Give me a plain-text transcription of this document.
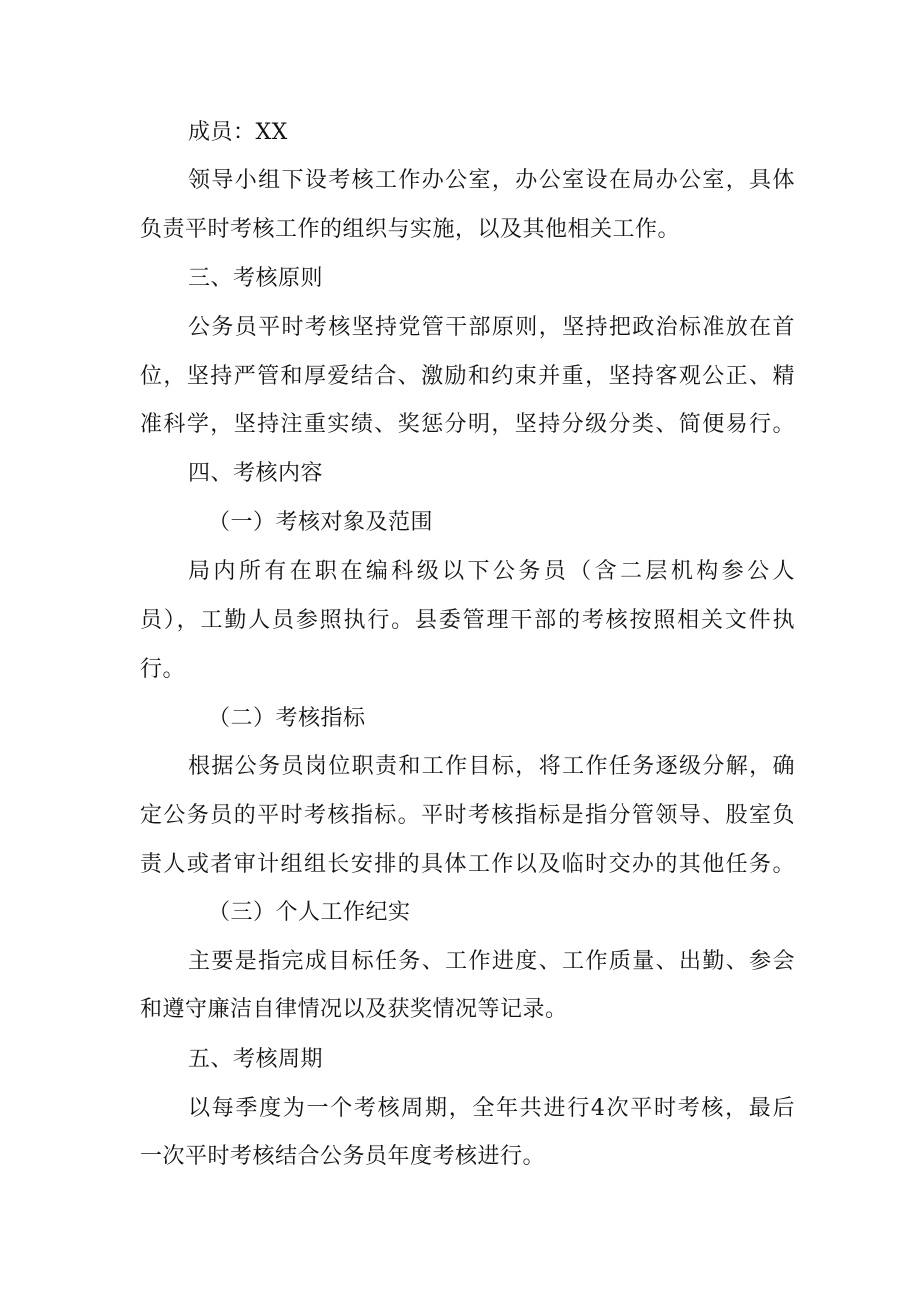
成员：XX
领导小组下设考核工作办公室，办公室设在局办公室，具体
负责平时考核工作的组织与实施，以及其他相关工作。
三、考核原则
公务员平时考核坚持党管干部原则，坚持把政治标准放在首
位，坚持严管和厚爱结合、激励和约束并重，坚持客观公正、精
准科学，坚持注重实绩、奖惩分明，坚持分级分类、简便易行。
四、考核内容
（一）考核对象及范围
局内所有在职在编科级以下公务员（含二层机构参公人
员），工勤人员参照执行。县委管理干部的考核按照相关文件执
行。
（二）考核指标
根据公务员岗位职责和工作目标，将工作任务逐级分解，确
定公务员的平时考核指标。平时考核指标是指分管领导、股室负
责人或者审计组组长安排的具体工作以及临时交办的其他任务。
（三）个人工作纪实
主要是指完成目标任务、工作进度、工作质量、出勤、参会
和遵守廉洁自律情况以及获奖情况等记录。
五、考核周期
以每季度为一个考核周期，全年共进行4次平时考核，最后
一次平时考核结合公务员年度考核进行。
